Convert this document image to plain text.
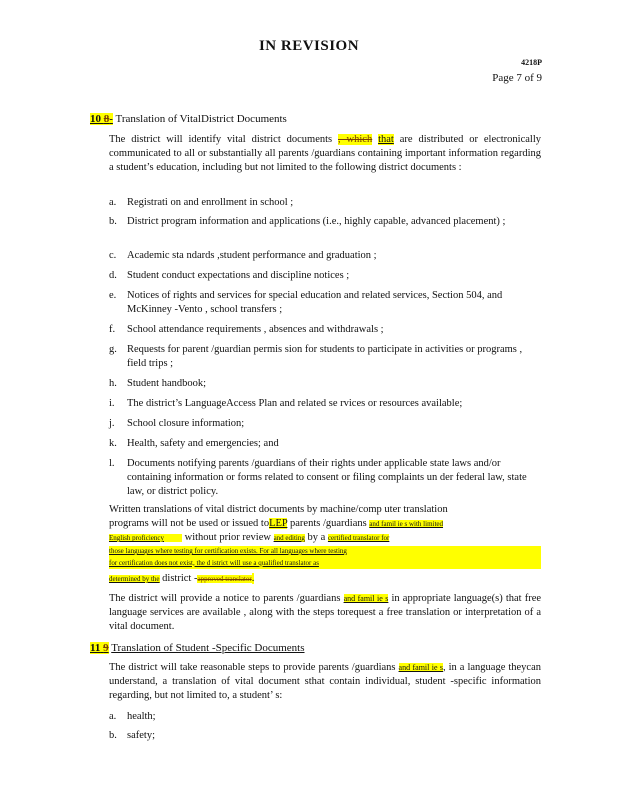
IN REVISION
4218P
Page 7 of 9
10 8- Translation of VitalDistrict Documents
The district will identify vital district documents , which that are distributed or electronically communicated to all or substantially all parents /guardians containing important information regarding a student’s education, including but not limited to the following district documents :
a.	Registrati on and enrollment in school ;
b. District program information and applications (i.e., highly capable, advanced placement) ;
c.	Academic sta ndards ,student performance and graduation ;
d. Student conduct expectations and discipline notices ;
e.	Notices of rights and services for special education and related services, Section 504, and McKinney -Vento , school transfers ;
f.	School attendance requirements , absences and withdrawals ;
g. Requests for parent /guardian permis sion for students to participate in activities or programs , field trips ;
h. Student handbook;
i.	The district’s LanguageAccess Plan and related se rvices or resources available;
j.	School closure information;
k. Health, safety and emergencies; and
l.	Documents notifying parents /guardians of their rights under applicable state laws and/or containing information or forms related to consent or filing complaints un der federal law, state law, or district policy.
Written translations of vital district documents by machine/comp uter translation
programs will not be used or issued toLEP parents /guardians and famil ie s with limited
English proficiency without prior review and editing by a certified translator for
those languages where testing for certification exists. For all languages where testing
for certification does not exist, the d istrict will use a qualified translator as
determined by the district -approved translator.
The district will provide a notice to parents /guardians and famil ie s in appropriate language(s) that free language services are available , along with the steps torequest a free translation or interpretation of a vital document.
11 9 Translation of Student -Specific Documents
The district will take reasonable steps to provide parents /guardians and famil ie s, in a language theycan understand, a translation of vital document sthat contain individual, student -specific information regarding, but not limited to, a student’ s:
a.	health;
b. safety;
